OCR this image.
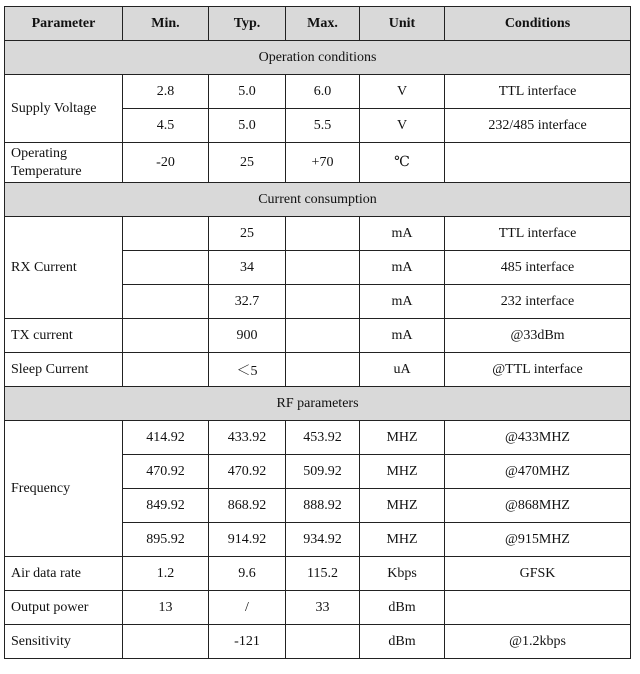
Parameter	Min.	Typ.	Max.	Unit	Conditions
Operation conditions					
Supply Voltage	2.8	5.0	6.0	V	TTL interface
	4.5	5.0	5.5	V	232/485 interface
Operating
Temperature	-20	25	+70	℃	
Current consumption					
RX Current		25		mA	TTL interface
		34		mA	485 interface
		32.7		mA	232 interface
TX current		900		mA	@33dBm
Sleep Current		＜5		uA	@TTL interface
RF parameters					
Frequency	414.92	433.92	453.92	MHZ	@433MHZ
	470.92	470.92	509.92	MHZ	@470MHZ
	849.92	868.92	888.92	MHZ	@868MHZ
	895.92	914.92	934.92	MHZ	@915MHZ
Air data rate	1.2	9.6	115.2	Kbps	GFSK
Output power	13	/	33	dBm	
Sensitivity		-121		dBm	@1.2kbps
